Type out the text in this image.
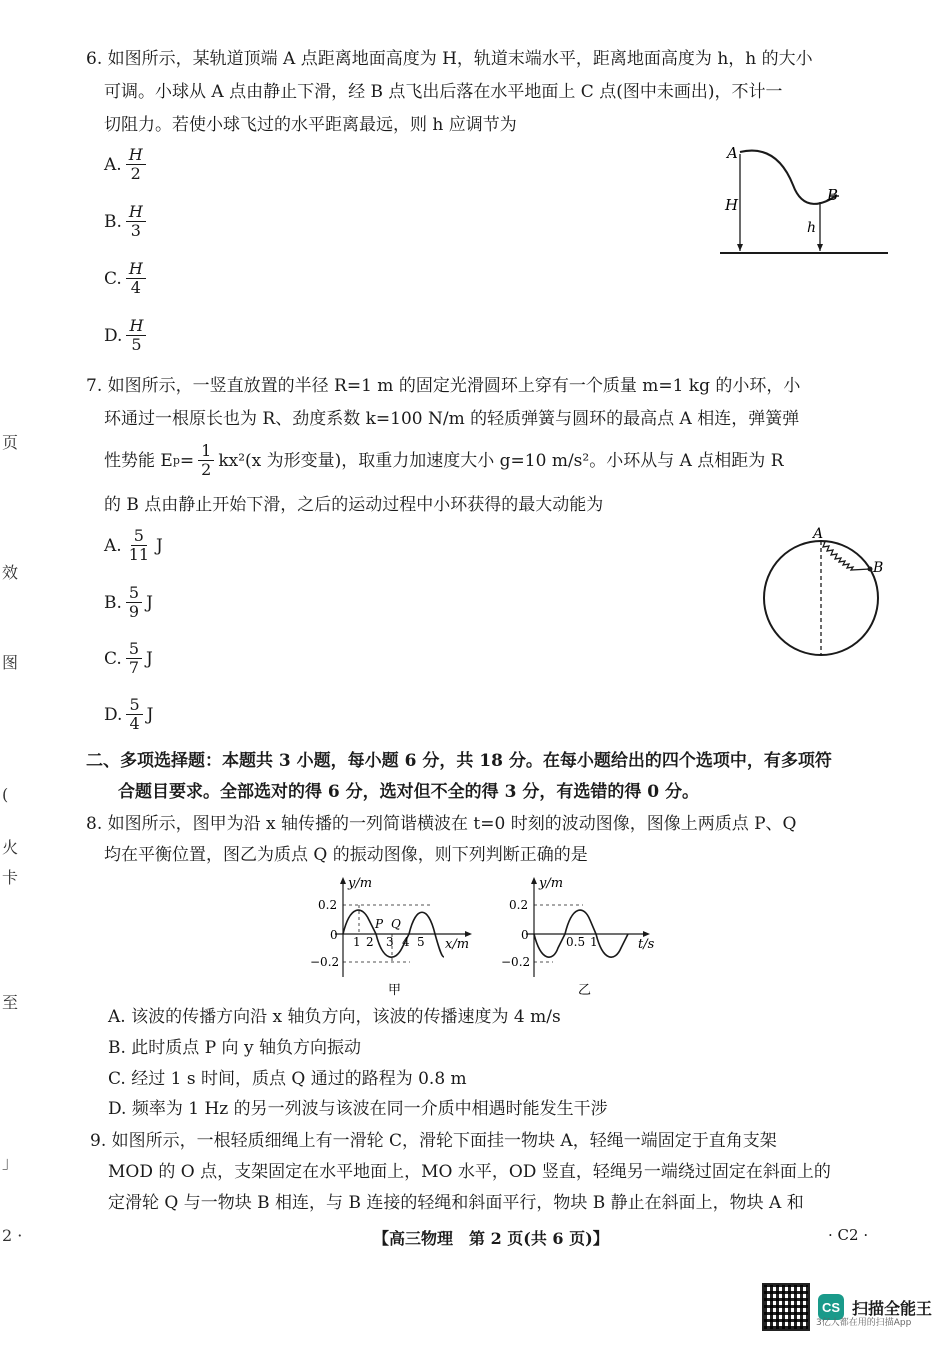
页
效
图
(
火
卡
至
」
2 ·
6. 如图所示，某轨道顶端 A 点距离地面高度为 H，轨道末端水平，距离地面高度为 h，h 的大小
可调。小球从 A 点由静止下滑，经 B 点飞出后落在水平地面上 C 点(图中未画出)，不计一
切阻力。若使小球飞过的水平距离最远，则 h 应调节为
A. $\frac{H}{2}$
B. $\frac{H}{3}$
C. $\frac{H}{4}$
D. $\frac{H}{5}$
A
B
H
h
7. 如图所示，一竖直放置的半径 R=1 m 的固定光滑圆环上穿有一个质量 m=1 kg 的小环，小
环通过一根原长也为 R、劲度系数 k=100 N/m 的轻质弹簧与圆环的最高点 A 相连，弹簧弹
性势能 E $p = \frac{1}{2} kx^2(x$ 为形变量)，取重力加速度大小 g=10 m/s²。小环从与 A 点相距为 R
的 B 点由静止开始下滑，之后的运动过程中小环获得的最大动能为
A. $\frac{5}{11}$ J
B. $\frac{5}{9}$ J
C. $\frac{5}{7}$ J
D. $\frac{5}{4}$ J
A
B
二、多项选择题：本题共 3 小题，每小题 6 分，共 18 分。在每小题给出的四个选项中，有多项符
合题目要求。全部选对的得 6 分，选对但不全的得 3 分，有选错的得 0 分。
8. 如图所示，图甲为沿 x 轴传播的一列简谐横波在 t=0 时刻的波动图像，图像上两质点 P、Q
均在平衡位置，图乙为质点 Q 的振动图像，则下列判断正确的是
y/m
x/m
0.2
−0.2
0 1 2 3 4 5
P Q
甲
y/m
t/s
0.2
−0.2
0	0.5 1
乙
A. 该波的传播方向沿 x 轴负方向，该波的传播速度为 4 m/s
B. 此时质点 P 向 y 轴负方向振动
C. 经过 1 s 时间，质点 Q 通过的路程为 0.8 m
D. 频率为 1 Hz 的另一列波与该波在同一介质中相遇时能发生干涉
9. 如图所示，一根轻质细绳上有一滑轮 C，滑轮下面挂一物块 A，轻绳一端固定于直角支架
MOD 的 O 点，支架固定在水平地面上，MO 水平，OD 竖直，轻绳另一端绕过固定在斜面上的
定滑轮 Q 与一物块 B 相连，与 B 连接的轻绳和斜面平行，物块 B 静止在斜面上，物块 A 和
【高三物理　第 2 页(共 6 页)】	· C2 ·
CS 扫描全能王
3亿人都在用的扫描App
